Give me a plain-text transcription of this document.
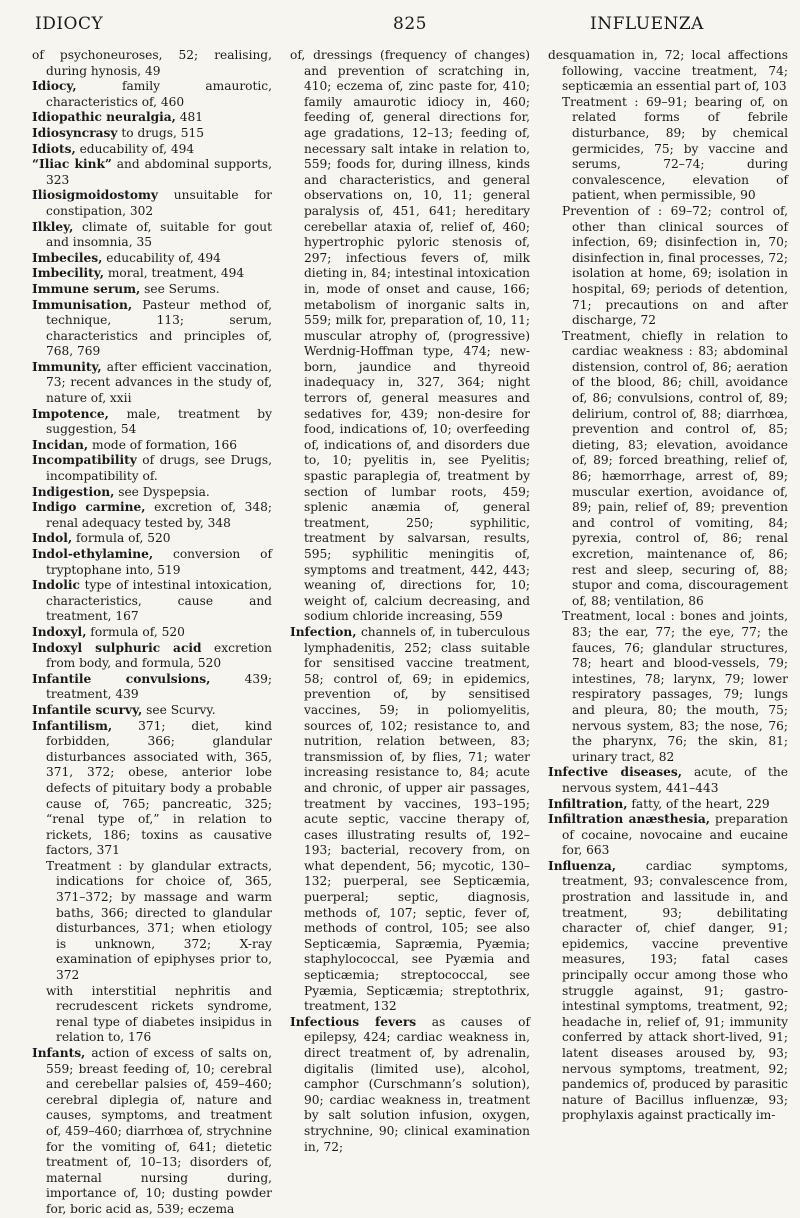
IDIOCY	825	INFLUENZA

of psychoneuroses, 52; realising, during hynosis, 49

Idiocy, family amaurotic, characteristics of, 460

Idiopathic neuralgia, 481

Idiosyncrasy to drugs, 515

Idiots, educability of, 494

“Iliac kink” and abdominal supports, 323

Iliosigmoidostomy unsuitable for constipation, 302

Ilkley, climate of, suitable for gout and insomnia, 35

Imbeciles, educability of, 494

Imbecility, moral, treatment, 494

Immune serum, see Serums.

Immunisation, Pasteur method of, technique, 113; serum, characteristics and principles of, 768, 769

Immunity, after efficient vaccination, 73; recent advances in the study of, nature of, xxii

Impotence, male, treatment by suggestion, 54

Incidan, mode of formation, 166

Incompatibility of drugs, see Drugs, incompatibility of.

Indigestion, see Dyspepsia.

Indigo carmine, excretion of, 348; renal adequacy tested by, 348

Indol, formula of, 520

Indol-ethylamine, conversion of tryptophane into, 519

Indolic type of intestinal intoxication, characteristics, cause and treatment, 167

Indoxyl, formula of, 520

Indoxyl sulphuric acid excretion from body, and formula, 520

Infantile convulsions, 439; treatment, 439

Infantile scurvy, see Scurvy.

Infantilism, 371; diet, kind forbidden, 366; glandular disturbances associated with, 365, 371, 372; obese, anterior lobe defects of pituitary body a probable cause of, 765; pancreatic, 325; “renal type of,” in relation to rickets, 186; toxins as causative factors, 371

Treatment : by glandular extracts, indications for choice of, 365, 371–372; by massage and warm baths, 366; directed to glandular disturbances, 371; when etiology is unknown, 372; X-ray examination of epiphyses prior to, 372

with interstitial nephritis and recrudescent rickets syndrome, renal type of diabetes insipidus in relation to, 176

Infants, action of excess of salts on, 559; breast feeding of, 10; cerebral and cerebellar palsies of, 459–460; cerebral diplegia of, nature and causes, symptoms, and treatment of, 459–460; diarrhœa of, strychnine for the vomiting of, 641; dietetic treatment of, 10–13; disorders of, maternal nursing during, importance of, 10; dusting powder for, boric acid as, 539; eczema

of, dressings (frequency of changes) and prevention of scratching in, 410; eczema of, zinc paste for, 410; family amaurotic idiocy in, 460; feeding of, general directions for, age gradations, 12–13; feeding of, necessary salt intake in relation to, 559; foods for, during illness, kinds and characteristics, and general observations on, 10, 11; general paralysis of, 451, 641; hereditary cerebellar ataxia of, relief of, 460; hypertrophic pyloric stenosis of, 297; infectious fevers of, milk dieting in, 84; intestinal intoxication in, mode of onset and cause, 166; metabolism of inorganic salts in, 559; milk for, preparation of, 10, 11; muscular atrophy of, (progressive) Werdnig-Hoffman type, 474; new-born, jaundice and thyreoid inadequacy in, 327, 364; night terrors of, general measures and sedatives for, 439; non-desire for food, indications of, 10; overfeeding of, indications of, and disorders due to, 10; pyelitis in, see Pyelitis; spastic paraplegia of, treatment by section of lumbar roots, 459; splenic anæmia of, general treatment, 250; syphilitic, treatment by salvarsan, results, 595; syphilitic meningitis of, symptoms and treatment, 442, 443; weaning of, directions for, 10; weight of, calcium decreasing, and sodium chloride increasing, 559

Infection, channels of, in tuberculous lymphadenitis, 252; class suitable for sensitised vaccine treatment, 58; control of, 69; in epidemics, prevention of, by sensitised vaccines, 59; in poliomyelitis, sources of, 102; resistance to, and nutrition, relation between, 83; transmission of, by flies, 71; water increasing resistance to, 84; acute and chronic, of upper air passages, treatment by vaccines, 193–195; acute septic, vaccine therapy of, cases illustrating results of, 192–193; bacterial, recovery from, on what dependent, 56; mycotic, 130–132; puerperal, see Septicæmia, puerperal; septic, diagnosis, methods of, 107; septic, fever of, methods of control, 105; see also Septicæmia, Sapræmia, Pyæmia; staphylococcal, see Pyæmia and septicæmia; streptococcal, see Pyæmia, Septicæmia; streptothrix, treatment, 132

Infectious fevers as causes of epilepsy, 424; cardiac weakness in, direct treatment of, by adrenalin, digitalis (limited use), alcohol, camphor (Curschmann’s solution), 90; cardiac weakness in, treatment by salt solution infusion, oxygen, strychnine, 90; clinical examination in, 72;

desquamation in, 72; local affections following, vaccine treatment, 74; septicæmia an essential part of, 103

Treatment : 69–91; bearing of, on related forms of febrile disturbance, 89; by chemical germicides, 75; by vaccine and serums, 72–74; during convalescence, elevation of patient, when permissible, 90

Prevention of : 69–72; control of, other than clinical sources of infection, 69; disinfection in, 70; disinfection in, final processes, 72; isolation at home, 69; isolation in hospital, 69; periods of detention, 71; precautions on and after discharge, 72

Treatment, chiefly in relation to cardiac weakness : 83; abdominal distension, control of, 86; aeration of the blood, 86; chill, avoidance of, 86; convulsions, control of, 89; delirium, control of, 88; diarrhœa, prevention and control of, 85; dieting, 83; elevation, avoidance of, 89; forced breathing, relief of, 86; hæmorrhage, arrest of, 89; muscular exertion, avoidance of, 89; pain, relief of, 89; prevention and control of vomiting, 84; pyrexia, control of, 86; renal excretion, maintenance of, 86; rest and sleep, securing of, 88; stupor and coma, discouragement of, 88; ventilation, 86

Treatment, local : bones and joints, 83; the ear, 77; the eye, 77; the fauces, 76; glandular structures, 78; heart and blood-vessels, 79; intestines, 78; larynx, 79; lower respiratory passages, 79; lungs and pleura, 80; the mouth, 75; nervous system, 83; the nose, 76; the pharynx, 76; the skin, 81; urinary tract, 82

Infective diseases, acute, of the nervous system, 441–443

Infiltration, fatty, of the heart, 229

Infiltration anæsthesia, preparation of cocaine, novocaine and eucaine for, 663

Influenza, cardiac symptoms, treatment, 93; convalescence from, prostration and lassitude in, and treatment, 93; debilitating character of, chief danger, 91; epidemics, vaccine preventive measures, 193; fatal cases principally occur among those who struggle against, 91; gastro-intestinal symptoms, treatment, 92; headache in, relief of, 91; immunity conferred by attack short-lived, 91; latent diseases aroused by, 93; nervous symptoms, treatment, 92; pandemics of, produced by parasitic nature of Bacillus influenzæ, 93; prophylaxis against practically im-
